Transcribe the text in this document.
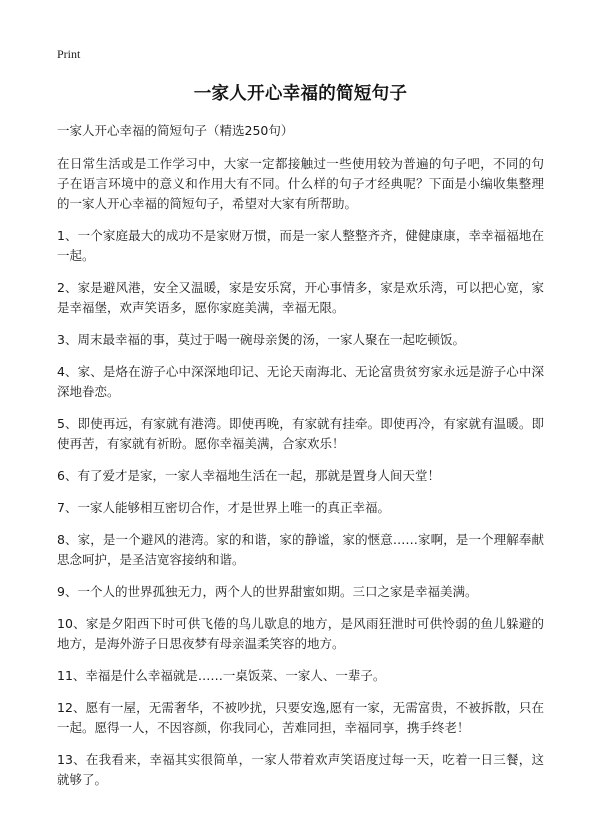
Print
一家人开心幸福的简短句子

一家人开心幸福的简短句子（精选250句）

在日常生活或是工作学习中，大家一定都接触过一些使用较为普遍的句子吧，不同的句子在语言环境中的意义和作用大有不同。什么样的句子才经典呢？下面是小编收集整理的一家人开心幸福的简短句子，希望对大家有所帮助。

1、一个家庭最大的成功不是家财万惯，而是一家人整整齐齐，健健康康，幸幸福福地在一起。
2、家是避风港，安全又温暖，家是安乐窝，开心事情多，家是欢乐湾，可以把心宽，家是幸福堡，欢声笑语多，愿你家庭美满，幸福无限。
3、周末最幸福的事，莫过于喝一碗母亲煲的汤，一家人聚在一起吃顿饭。
4、家、是烙在游子心中深深地印记、无论天南海北、无论富贵贫穷家永远是游子心中深深地眷恋。
5、即使再远，有家就有港湾。即使再晚，有家就有挂牵。即使再冷，有家就有温暖。即使再苦，有家就有祈盼。愿你幸福美满，合家欢乐！
6、有了爱才是家，一家人幸福地生活在一起，那就是置身人间天堂！
7、一家人能够相互密切合作，才是世界上唯一的真正幸福。
8、家，是一个避风的港湾。家的和谐，家的静谧，家的惬意……家啊，是一个理解奉献思念呵护，是圣洁宽容接纳和谐。
9、一个人的世界孤独无力，两个人的世界甜蜜如期。三口之家是幸福美满。
10、家是夕阳西下时可供飞倦的鸟儿歇息的地方，是风雨狂泄时可供怜弱的鱼儿躲避的地方，是海外游子日思夜梦有母亲温柔笑容的地方。
11、幸福是什么幸福就是……一桌饭菜、一家人、一辈子。
12、愿有一屋，无需奢华，不被吵扰，只要安逸,愿有一家，无需富贵，不被拆散，只在一起。愿得一人，不因容颜，你我同心，苦难同担，幸福同享，携手终老！
13、在我看来，幸福其实很简单，一家人带着欢声笑语度过每一天，吃着一日三餐，这就够了。
